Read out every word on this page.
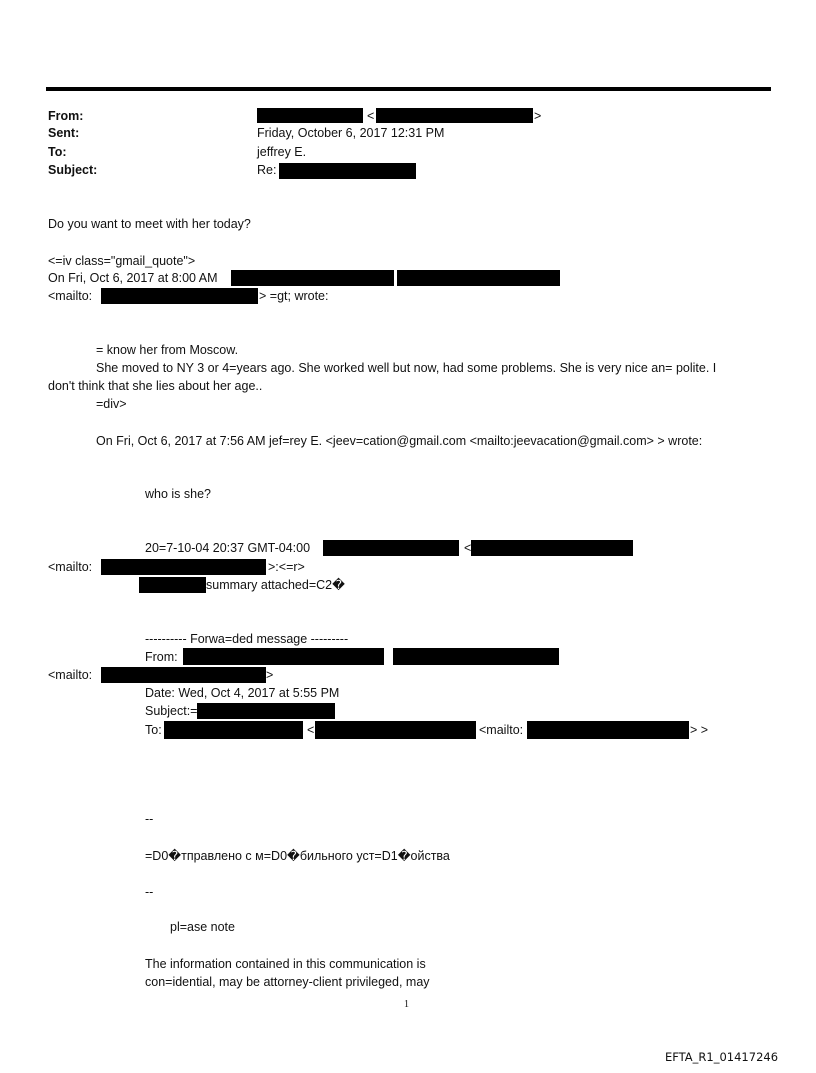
From:	<	>
Sent:	Friday, October 6, 2017 12:31 PM
To:	jeffrey E.
Subject:	Re:
Do you want to meet with her today?
<=iv class="gmail_quote">
On Fri, Oct 6, 2017 at 8:00 AM
<mailto:	> =gt; wrote:
= know her from Moscow.
She moved to NY 3 or 4=years ago. She worked well but now, had some problems. She is very nice an= polite. I
don't think that she lies about her age..
=div>
On Fri, Oct 6, 2017 at 7:56 AM jef=rey E. <jeev=cation@gmail.com <mailto:jeevacation@gmail.com> > wrote:
who is she?
20=7-10-04 20:37 GMT-04:00	<
<mailto:	>:<=r>
summary attached=C2�
---------- Forwa=ded message ---------
From:
<mailto:	>
Date: Wed, Oct 4, 2017 at 5:55 PM
Subject:=
To:	<	<mailto:	> >
--
=D0�тправлено с м=D0�бильного уст=D1�ойства
--
pl=ase note
The information contained in this communication is
con=idential, may be attorney-client privileged, may
1
EFTA_R1_01417246
